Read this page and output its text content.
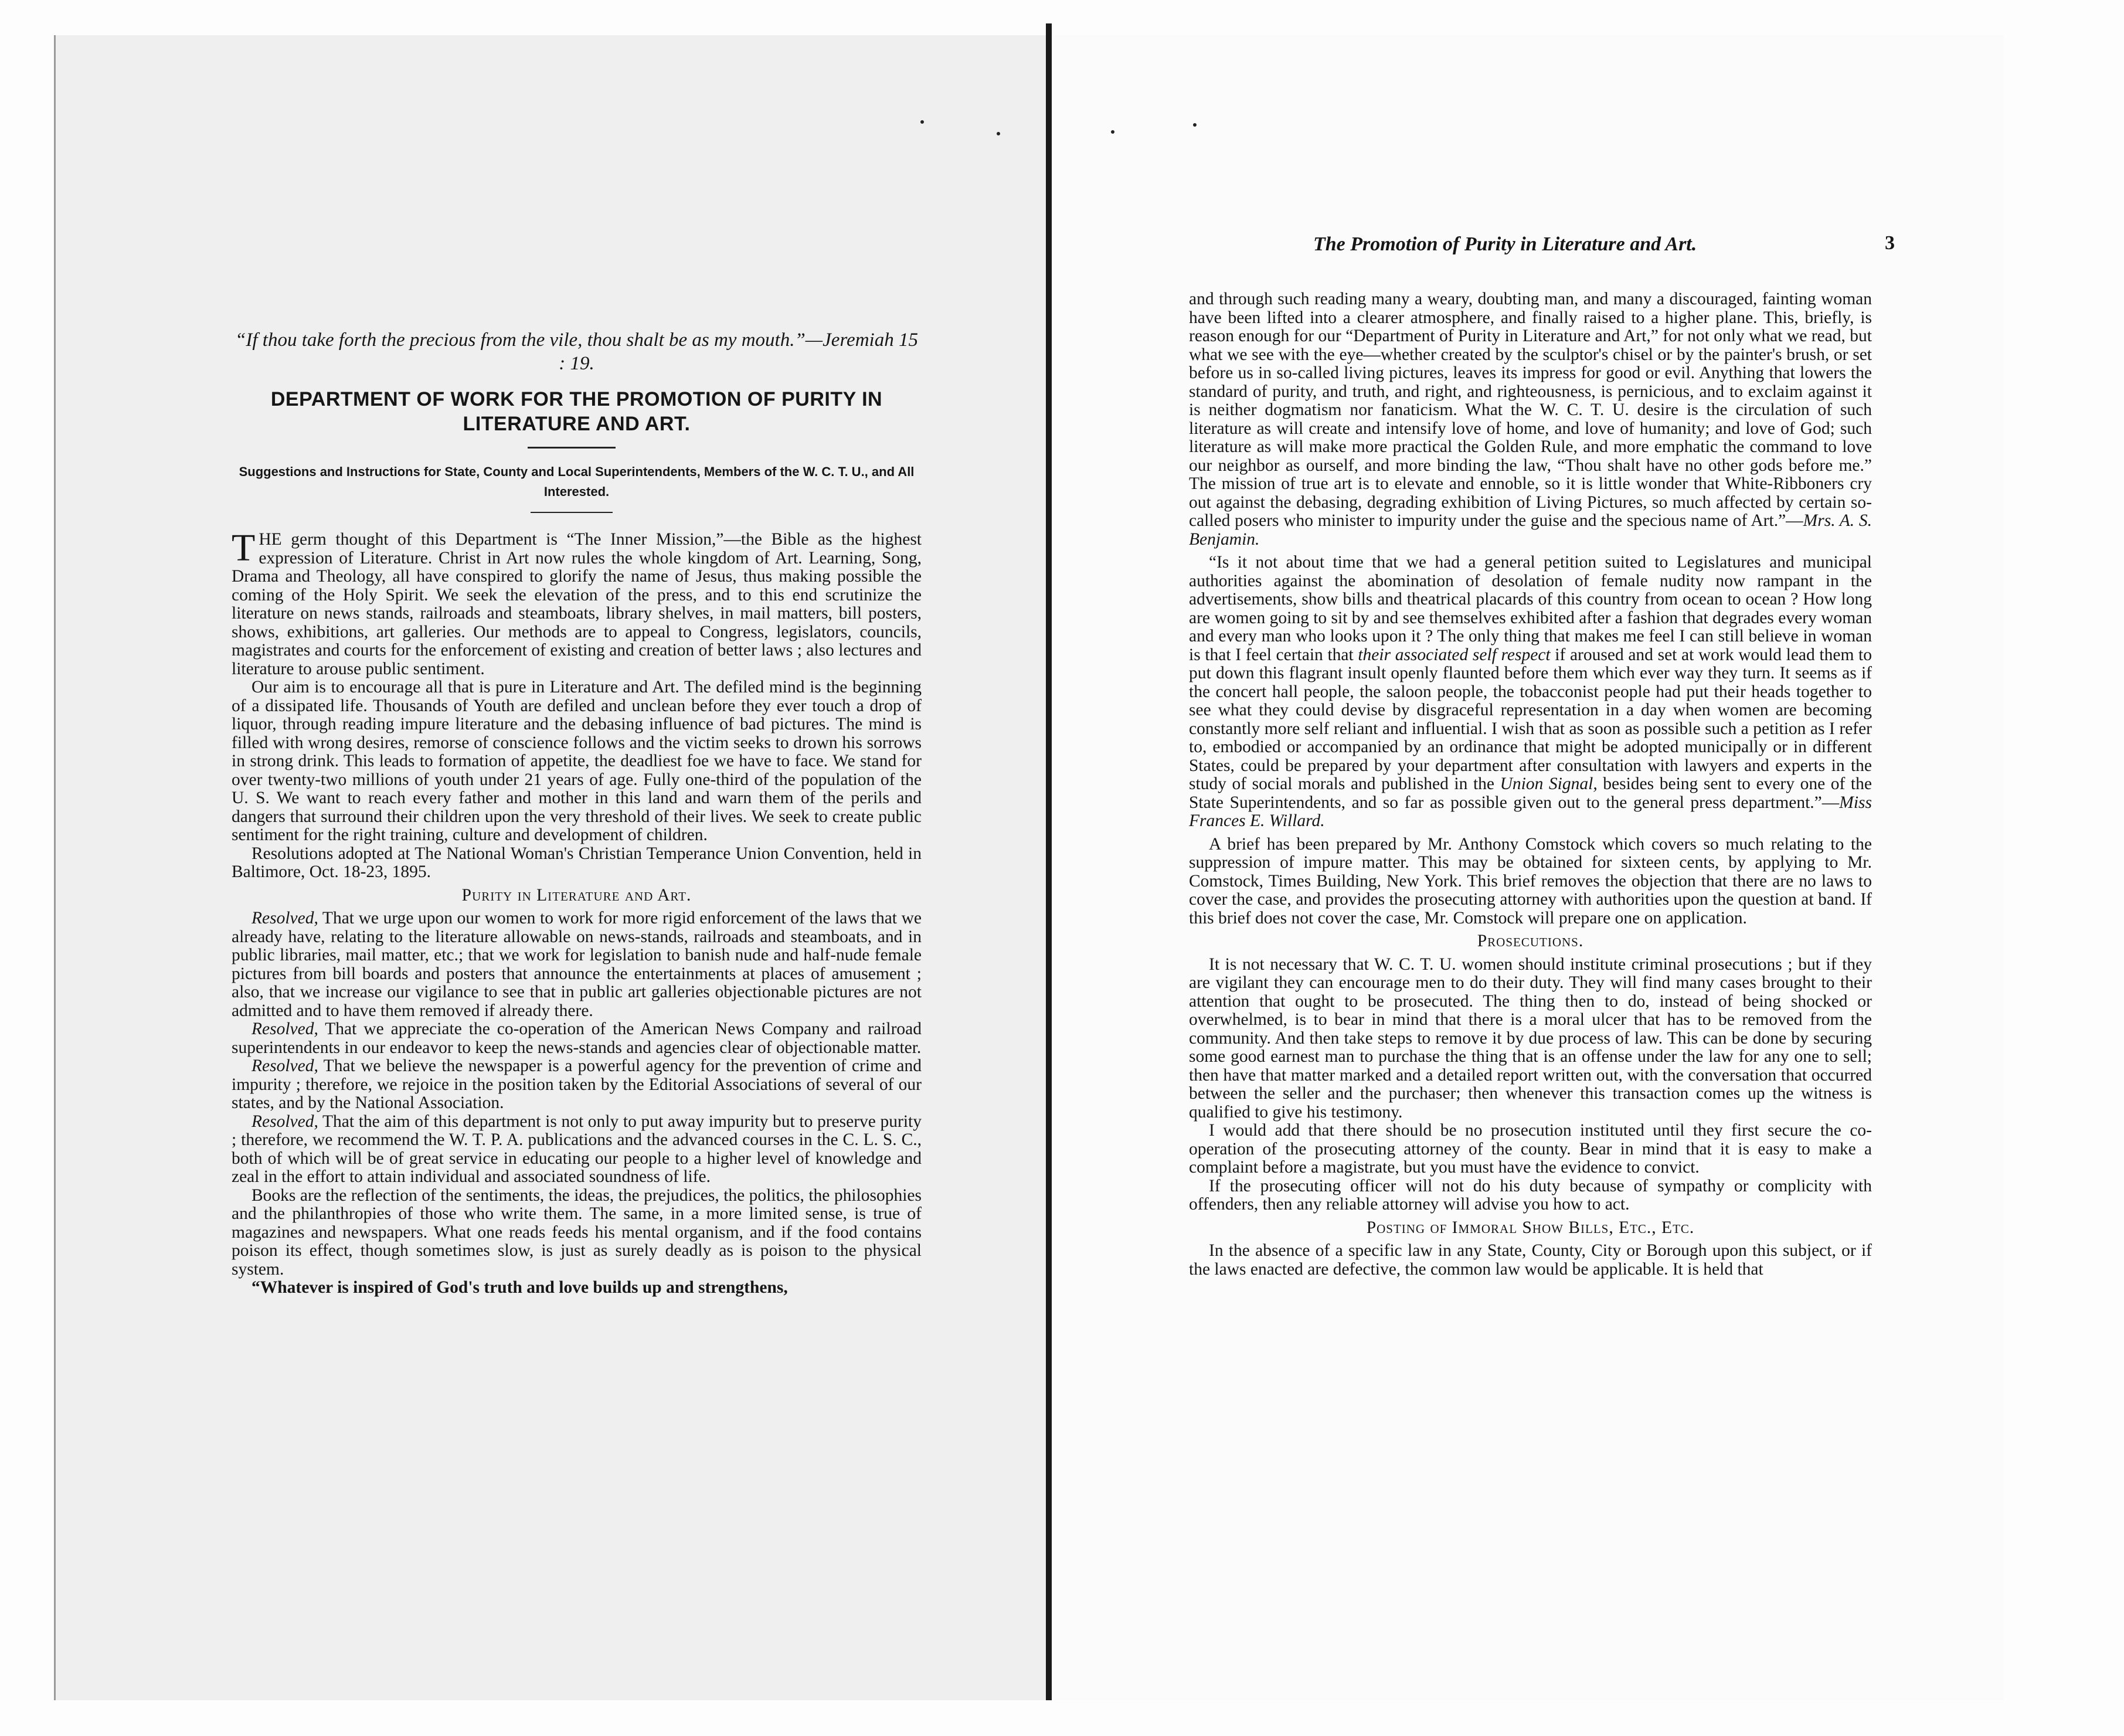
“If thou take forth the precious from the vile, thou shalt be as my mouth.”—Jeremiah 15 : 19.
DEPARTMENT OF WORK FOR THE PROMOTION OF PURITY IN LITERATURE AND ART.
Suggestions and Instructions for State, County and Local Superintendents, Members of the W. C. T. U., and All Interested.

THE germ thought of this Department is “The Inner Mission,”—the Bible as the highest expression of Literature. Christ in Art now rules the whole kingdom of Art. Learning, Song, Drama and Theology, all have conspired to glorify the name of Jesus, thus making possible the coming of the Holy Spirit. We seek the elevation of the press, and to this end scrutinize the literature on news stands, railroads and steamboats, library shelves, in mail matters, bill posters, shows, exhibitions, art galleries. Our methods are to appeal to Congress, legislators, councils, magistrates and courts for the enforcement of existing and creation of better laws ; also lectures and literature to arouse public sentiment.

Our aim is to encourage all that is pure in Literature and Art. The defiled mind is the beginning of a dissipated life. Thousands of Youth are defiled and unclean before they ever touch a drop of liquor, through reading impure literature and the debasing influence of bad pictures. The mind is filled with wrong desires, remorse of conscience follows and the victim seeks to drown his sorrows in strong drink. This leads to formation of appetite, the deadliest foe we have to face. We stand for over twenty-two millions of youth under 21 years of age. Fully one-third of the population of the U. S. We want to reach every father and mother in this land and warn them of the perils and dangers that surround their children upon the very threshold of their lives. We seek to create public sentiment for the right training, culture and development of children.

Resolutions adopted at The National Woman's Christian Temperance Union Convention, held in Baltimore, Oct. 18-23, 1895.

Purity in Literature and Art.

Resolved, That we urge upon our women to work for more rigid enforcement of the laws that we already have, relating to the literature allowable on news-stands, railroads and steamboats, and in public libraries, mail matter, etc.; that we work for legislation to banish nude and half-nude female pictures from bill boards and posters that announce the entertainments at places of amusement ; also, that we increase our vigilance to see that in public art galleries objectionable pictures are not admitted and to have them removed if already there.

Resolved, That we appreciate the co-operation of the American News Company and railroad superintendents in our endeavor to keep the news-stands and agencies clear of objectionable matter.

Resolved, That we believe the newspaper is a powerful agency for the prevention of crime and impurity ; therefore, we rejoice in the position taken by the Editorial Associations of several of our states, and by the National Association.

Resolved, That the aim of this department is not only to put away impurity but to preserve purity ; therefore, we recommend the W. T. P. A. publications and the advanced courses in the C. L. S. C., both of which will be of great service in educating our people to a higher level of knowledge and zeal in the effort to attain individual and associated soundness of life.

Books are the reflection of the sentiments, the ideas, the prejudices, the politics, the philosophies and the philanthropies of those who write them. The same, in a more limited sense, is true of magazines and newspapers. What one reads feeds his mental organism, and if the food contains poison its effect, though sometimes slow, is just as surely deadly as is poison to the physical system.

“Whatever is inspired of God's truth and love builds up and strengthens,

The Promotion of Purity in Literature and Art.	3

and through such reading many a weary, doubting man, and many a discouraged, fainting woman have been lifted into a clearer atmosphere, and finally raised to a higher plane. This, briefly, is reason enough for our “Department of Purity in Literature and Art,” for not only what we read, but what we see with the eye—whether created by the sculptor's chisel or by the painter's brush, or set before us in so-called living pictures, leaves its impress for good or evil. Anything that lowers the standard of purity, and truth, and right, and righteousness, is pernicious, and to exclaim against it is neither dogmatism nor fanaticism. What the W. C. T. U. desire is the circulation of such literature as will create and intensify love of home, and love of humanity; and love of God; such literature as will make more practical the Golden Rule, and more emphatic the command to love our neighbor as ourself, and more binding the law, “Thou shalt have no other gods before me.” The mission of true art is to elevate and ennoble, so it is little wonder that White-Ribboners cry out against the debasing, degrading exhibition of Living Pictures, so much affected by certain so-called posers who minister to impurity under the guise and the specious name of Art.”—Mrs. A. S. Benjamin.

“Is it not about time that we had a general petition suited to Legislatures and municipal authorities against the abomination of desolation of female nudity now rampant in the advertisements, show bills and theatrical placards of this country from ocean to ocean ? How long are women going to sit by and see themselves exhibited after a fashion that degrades every woman and every man who looks upon it ? The only thing that makes me feel I can still believe in woman is that I feel certain that their associated self respect if aroused and set at work would lead them to put down this flagrant insult openly flaunted before them which ever way they turn. It seems as if the concert hall people, the saloon people, the tobacconist people had put their heads together to see what they could devise by disgraceful representation in a day when women are becoming constantly more self reliant and influential. I wish that as soon as possible such a petition as I refer to, embodied or accompanied by an ordinance that might be adopted municipally or in different States, could be prepared by your department after consultation with lawyers and experts in the study of social morals and published in the Union Signal, besides being sent to every one of the State Superintendents, and so far as possible given out to the general press department.”—Miss Frances E. Willard.

A brief has been prepared by Mr. Anthony Comstock which covers so much relating to the suppression of impure matter. This may be obtained for sixteen cents, by applying to Mr. Comstock, Times Building, New York. This brief removes the objection that there are no laws to cover the case, and provides the prosecuting attorney with authorities upon the question at band. If this brief does not cover the case, Mr. Comstock will prepare one on application.

Prosecutions.

It is not necessary that W. C. T. U. women should institute criminal prosecutions ; but if they are vigilant they can encourage men to do their duty. They will find many cases brought to their attention that ought to be prosecuted. The thing then to do, instead of being shocked or overwhelmed, is to bear in mind that there is a moral ulcer that has to be removed from the community. And then take steps to remove it by due process of law. This can be done by securing some good earnest man to purchase the thing that is an offense under the law for any one to sell; then have that matter marked and a detailed report written out, with the conversation that occurred between the seller and the purchaser; then whenever this transaction comes up the witness is qualified to give his testimony.

I would add that there should be no prosecution instituted until they first secure the co-operation of the prosecuting attorney of the county. Bear in mind that it is easy to make a complaint before a magistrate, but you must have the evidence to convict.

If the prosecuting officer will not do his duty because of sympathy or complicity with offenders, then any reliable attorney will advise you how to act.

Posting of Immoral Show Bills, Etc., Etc.

In the absence of a specific law in any State, County, City or Borough upon this subject, or if the laws enacted are defective, the common law would be applicable. It is held that
